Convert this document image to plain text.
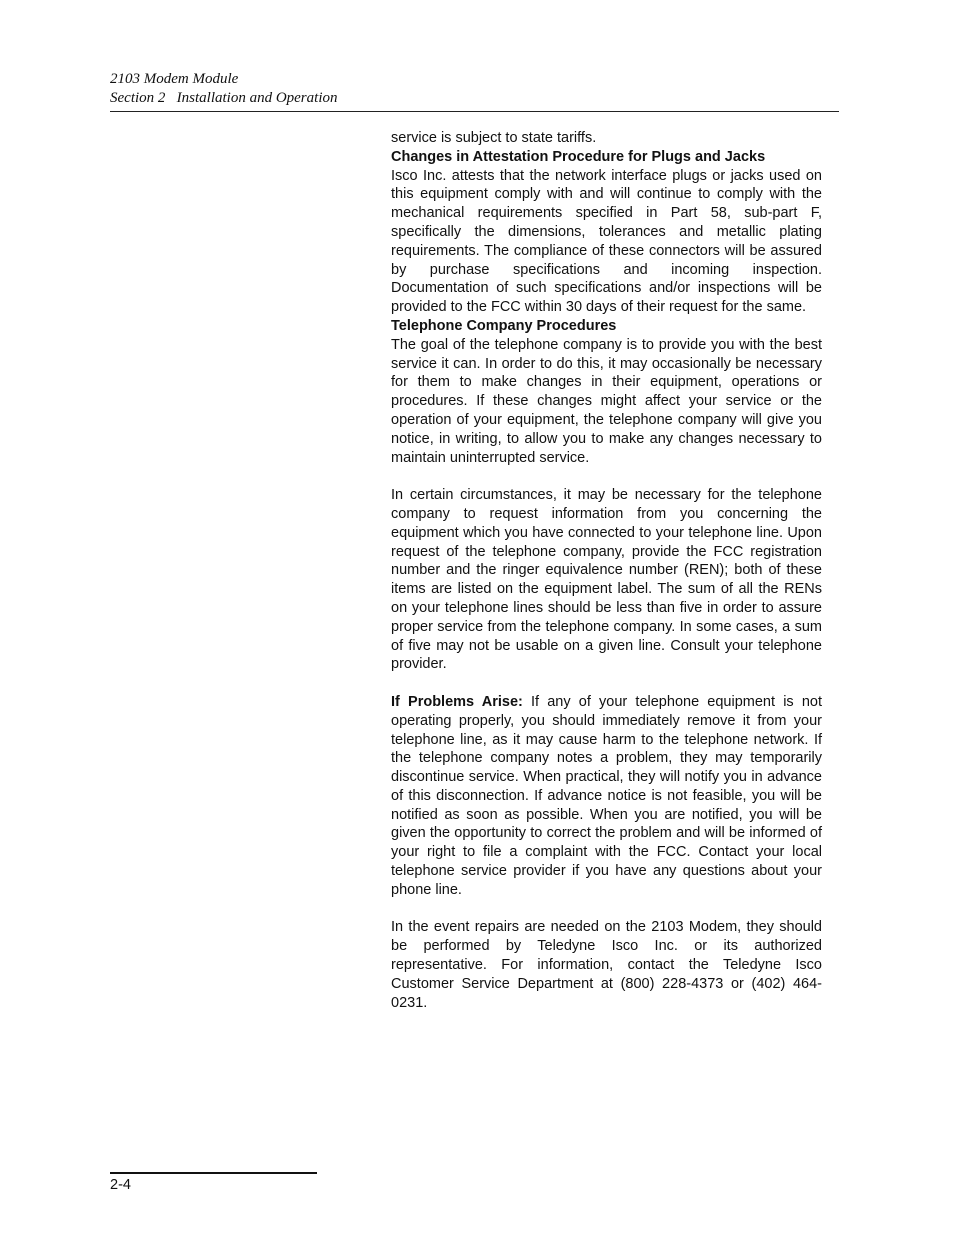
2103 Modem Module
Section 2   Installation and Operation

service is subject to state tariffs.

Changes in Attestation Procedure for Plugs and Jacks

Isco Inc. attests that the network interface plugs or jacks used on this equipment comply with and will continue to comply with the mechanical requirements specified in Part 58, sub-part F, specifically the dimensions, tolerances and metallic plating requirements. The compliance of these connectors will be assured by purchase specifications and incoming inspection. Documentation of such specifications and/or inspections will be provided to the FCC within 30 days of their request for the same.

Telephone Company Procedures

The goal of the telephone company is to provide you with the best service it can. In order to do this, it may occasionally be necessary for them to make changes in their equipment, operations or procedures. If these changes might affect your service or the operation of your equipment, the telephone company will give you notice, in writing, to allow you to make any changes necessary to maintain uninterrupted service.

In certain circumstances, it may be necessary for the telephone company to request information from you concerning the equipment which you have connected to your telephone line. Upon request of the telephone company, provide the FCC registration number and the ringer equivalence number (REN); both of these items are listed on the equipment label. The sum of all the RENs on your telephone lines should be less than five in order to assure proper service from the telephone company. In some cases, a sum of five may not be usable on a given line. Consult your telephone provider.

If Problems Arise: If any of your telephone equipment is not operating properly, you should immediately remove it from your telephone line, as it may cause harm to the telephone network. If the telephone company notes a problem, they may temporarily discontinue service. When practical, they will notify you in advance of this disconnection. If advance notice is not feasible, you will be notified as soon as possible. When you are notified, you will be given the opportunity to correct the problem and will be informed of your right to file a complaint with the FCC. Contact your local telephone service provider if you have any questions about your phone line.

In the event repairs are needed on the 2103 Modem, they should be performed by Teledyne Isco Inc. or its authorized representative. For information, contact the Teledyne Isco Customer Service Department at (800) 228-4373 or (402) 464-0231.

2-4
